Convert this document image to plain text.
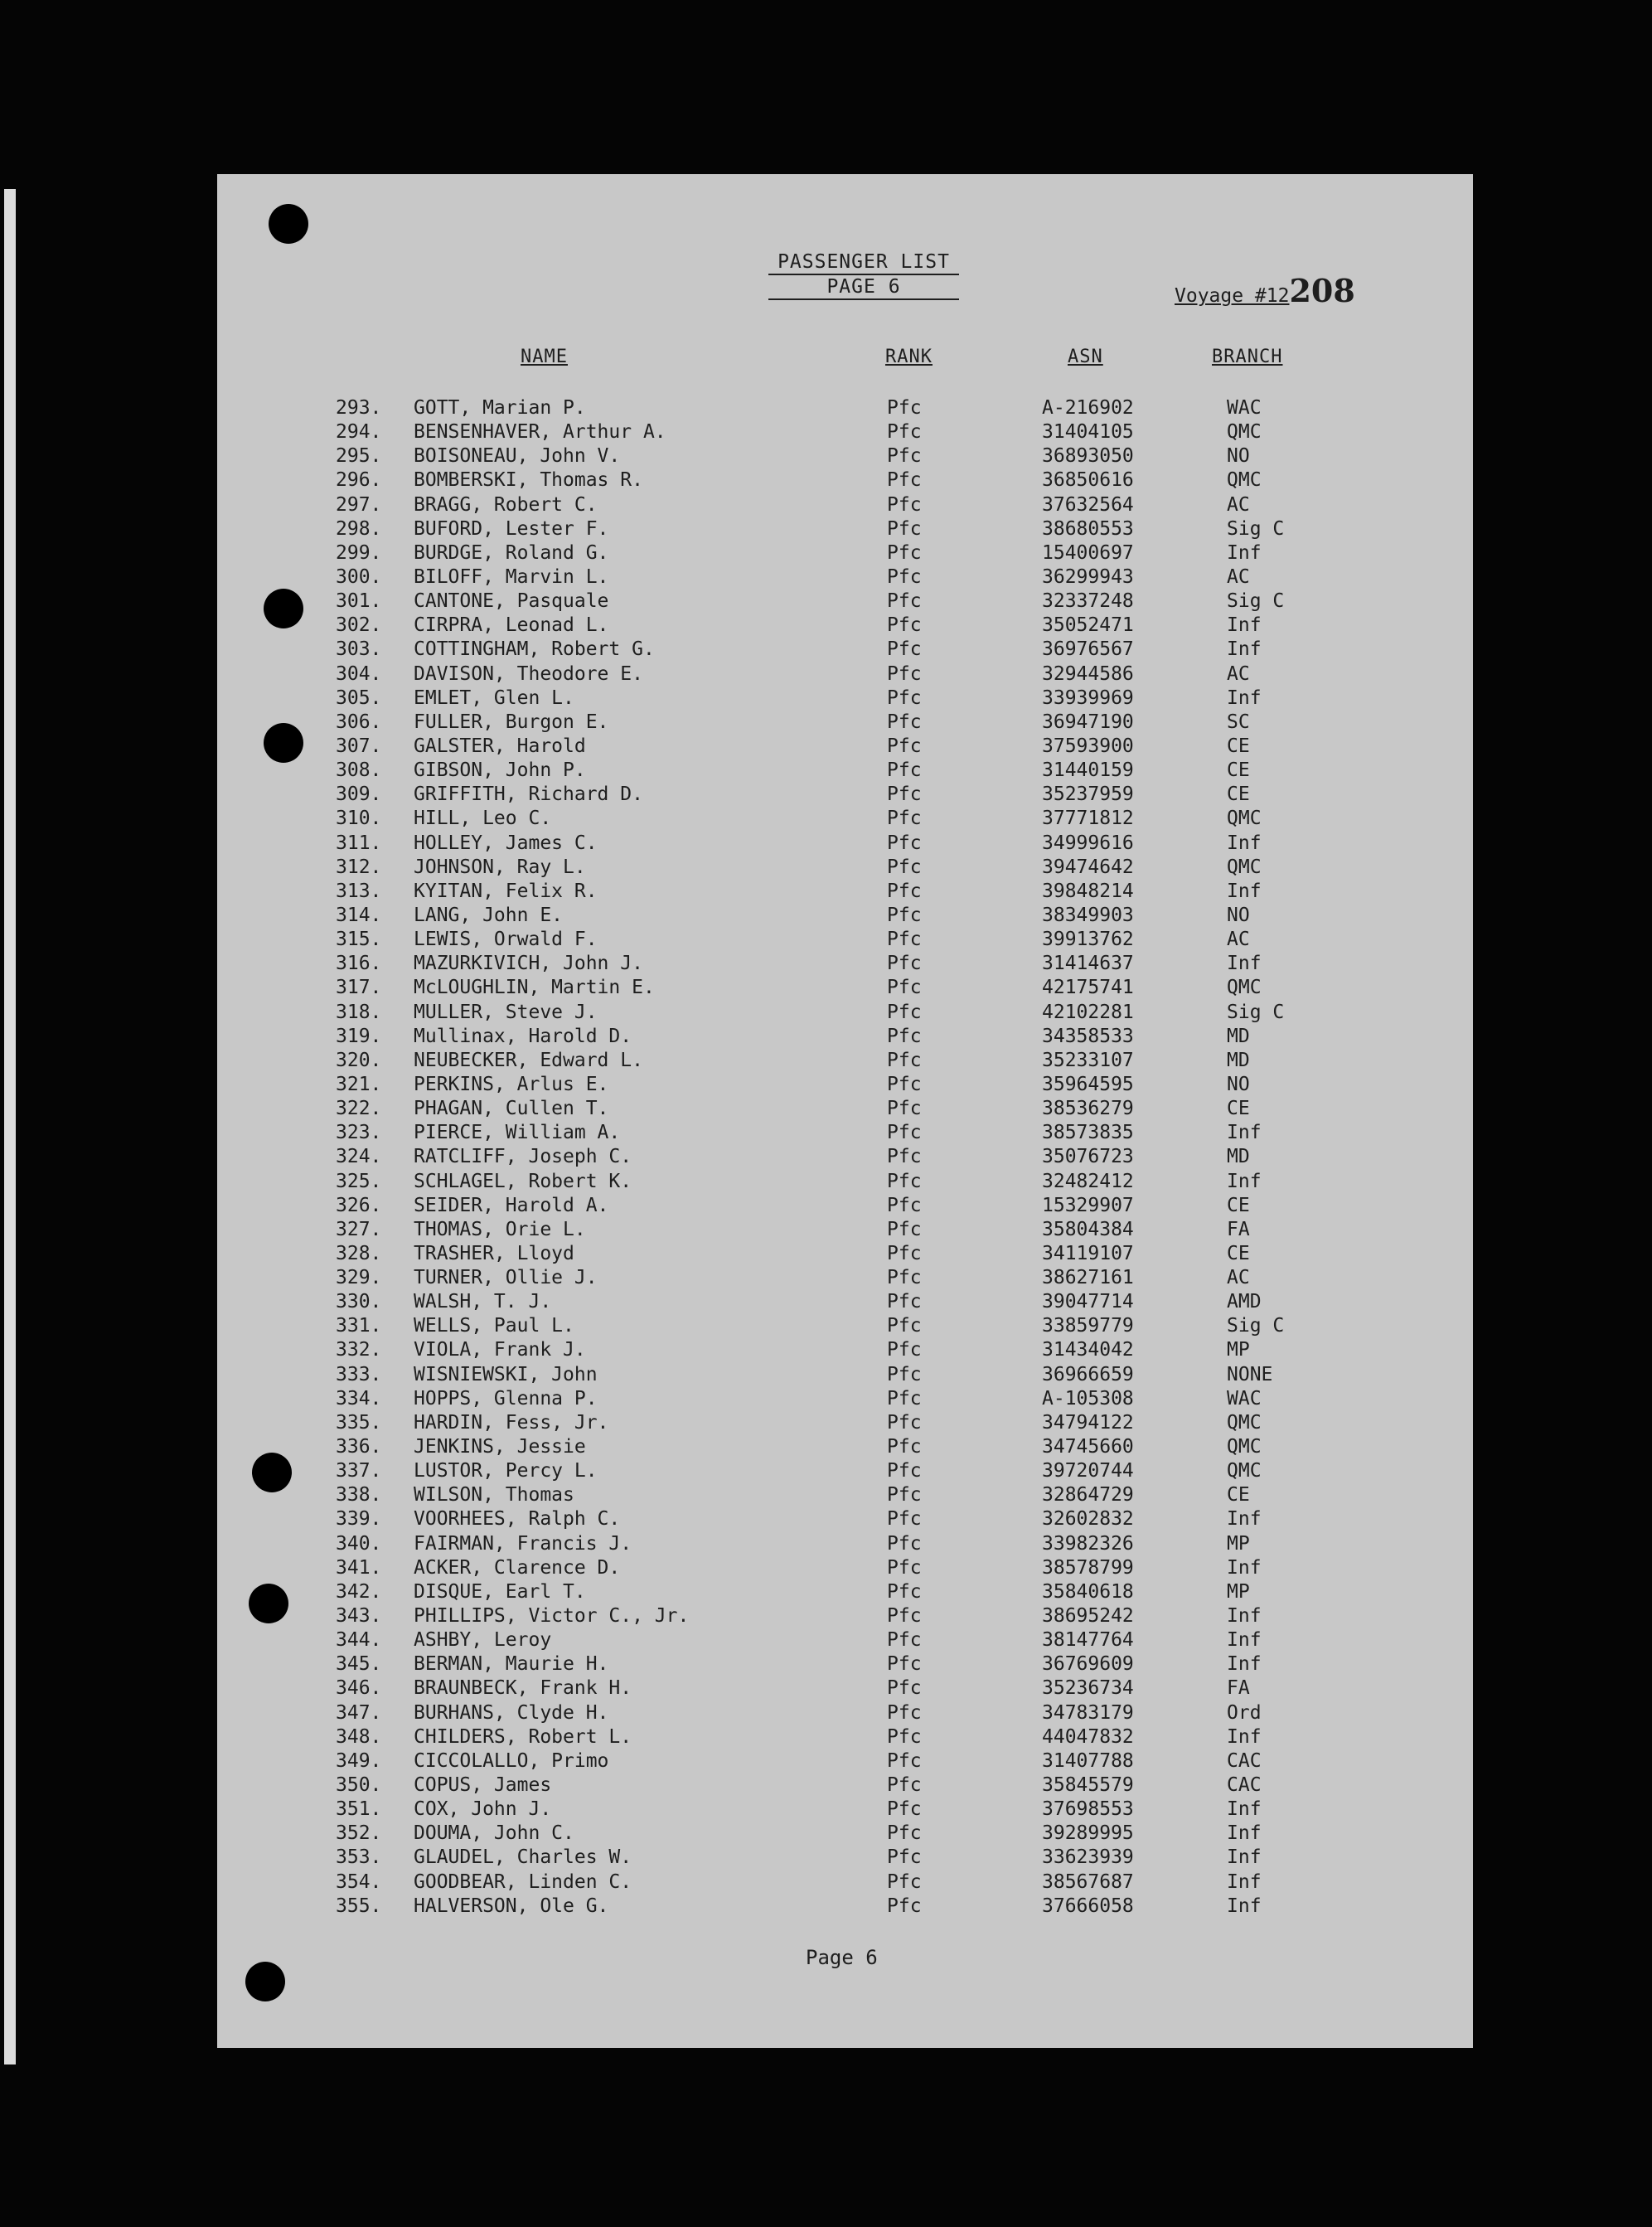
PASSENGER LIST
PAGE 6	Voyage #12208
NAME	RANK	ASN	BRANCH
293. GOTT, Marian P.	Pfc	A-216902	WAC
294. BENSENHAVER, Arthur A.	Pfc	31404105	QMC
295. BOISONEAU, John V.	Pfc	36893050	NO
296. BOMBERSKI, Thomas R.	Pfc	36850616	QMC
297. BRAGG, Robert C.	Pfc	37632564	AC
298. BUFORD, Lester F.	Pfc	38680553	Sig C
299. BURDGE, Roland G.	Pfc	15400697	Inf
300. BILOFF, Marvin L.	Pfc	36299943	AC
301. CANTONE, Pasquale	Pfc	32337248	Sig C
302. CIRPRA, Leonad L.	Pfc	35052471	Inf
303. COTTINGHAM, Robert G.	Pfc	36976567	Inf
304. DAVISON, Theodore E.	Pfc	32944586	AC
305. EMLET, Glen L.	Pfc	33939969	Inf
306. FULLER, Burgon E.	Pfc	36947190	SC
307. GALSTER, Harold	Pfc	37593900	CE
308. GIBSON, John P.	Pfc	31440159	CE
309. GRIFFITH, Richard D.	Pfc	35237959	CE
310. HILL, Leo C.	Pfc	37771812	QMC
311. HOLLEY, James C.	Pfc	34999616	Inf
312. JOHNSON, Ray L.	Pfc	39474642	QMC
313. KYITAN, Felix R.	Pfc	39848214	Inf
314. LANG, John E.	Pfc	38349903	NO
315. LEWIS, Orwald F.	Pfc	39913762	AC
316. MAZURKIVICH, John J.	Pfc	31414637	Inf
317. McLOUGHLIN, Martin E.	Pfc	42175741	QMC
318. MULLER, Steve J.	Pfc	42102281	Sig C
319. Mullinax, Harold D.	Pfc	34358533	MD
320. NEUBECKER, Edward L.	Pfc	35233107	MD
321. PERKINS, Arlus E.	Pfc	35964595	NO
322. PHAGAN, Cullen T.	Pfc	38536279	CE
323. PIERCE, William A.	Pfc	38573835	Inf
324. RATCLIFF, Joseph C.	Pfc	35076723	MD
325. SCHLAGEL, Robert K.	Pfc	32482412	Inf
326. SEIDER, Harold A.	Pfc	15329907	CE
327. THOMAS, Orie L.	Pfc	35804384	FA
328. TRASHER, Lloyd	Pfc	34119107	CE
329. TURNER, Ollie J.	Pfc	38627161	AC
330. WALSH, T. J.	Pfc	39047714	AMD
331. WELLS, Paul L.	Pfc	33859779	Sig C
332. VIOLA, Frank J.	Pfc	31434042	MP
333. WISNIEWSKI, John	Pfc	36966659	NONE
334. HOPPS, Glenna P.	Pfc	A-105308	WAC
335. HARDIN, Fess, Jr.	Pfc	34794122	QMC
336. JENKINS, Jessie	Pfc	34745660	QMC
337. LUSTOR, Percy L.	Pfc	39720744	QMC
338. WILSON, Thomas	Pfc	32864729	CE
339. VOORHEES, Ralph C.	Pfc	32602832	Inf
340. FAIRMAN, Francis J.	Pfc	33982326	MP
341. ACKER, Clarence D.	Pfc	38578799	Inf
342. DISQUE, Earl T.	Pfc	35840618	MP
343. PHILLIPS, Victor C., Jr.	Pfc	38695242	Inf
344. ASHBY, Leroy	Pfc	38147764	Inf
345. BERMAN, Maurie H.	Pfc	36769609	Inf
346. BRAUNBECK, Frank H.	Pfc	35236734	FA
347. BURHANS, Clyde H.	Pfc	34783179	Ord
348. CHILDERS, Robert L.	Pfc	44047832	Inf
349. CICCOLALLO, Primo	Pfc	31407788	CAC
350. COPUS, James	Pfc	35845579	CAC
351. COX, John J.	Pfc	37698553	Inf
352. DOUMA, John C.	Pfc	39289995	Inf
353. GLAUDEL, Charles W.	Pfc	33623939	Inf
354. GOODBEAR, Linden C.	Pfc	38567687	Inf
355. HALVERSON, Ole G.	Pfc	37666058	Inf
Page 6
